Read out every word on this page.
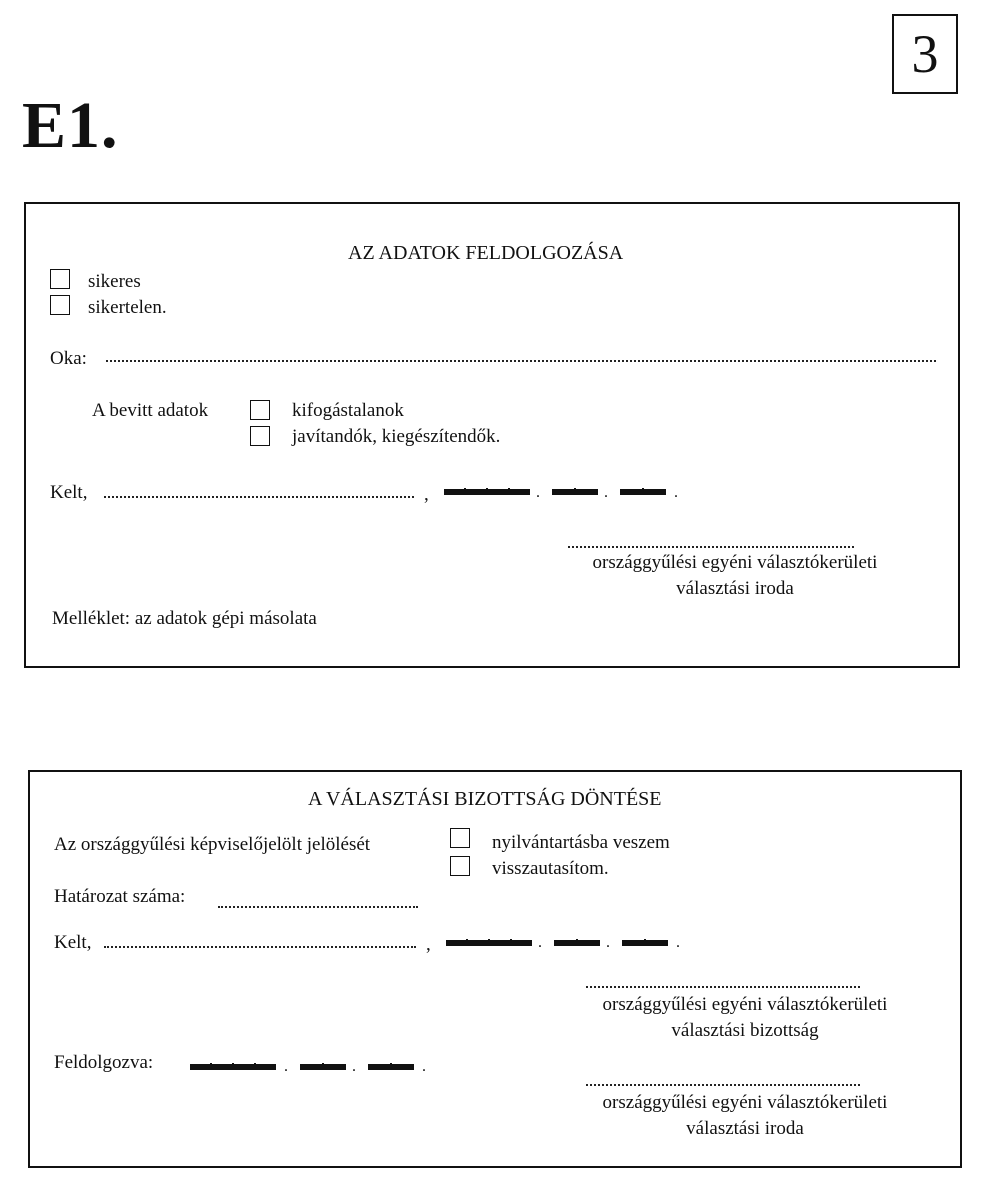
3
E1.
AZ ADATOK FELDOLGOZÁSA
sikeres
sikertelen.
Oka:
A bevitt adatok	kifogástalanok
javítandók, kiegészítendők.
Kelt,	,	.	.	.
országgyűlési egyéni választókerületi
választási iroda
Melléklet: az adatok gépi másolata
A VÁLASZTÁSI BIZOTTSÁG DÖNTÉSE
Az országgyűlési képviselőjelölt jelölését	nyilvántartásba veszem
visszautasítom.
Határozat száma:
Kelt,	,	.	.	.
országgyűlési egyéni választókerületi
választási bizottság
Feldolgozva:	.	.	.
országgyűlési egyéni választókerületi
választási iroda
